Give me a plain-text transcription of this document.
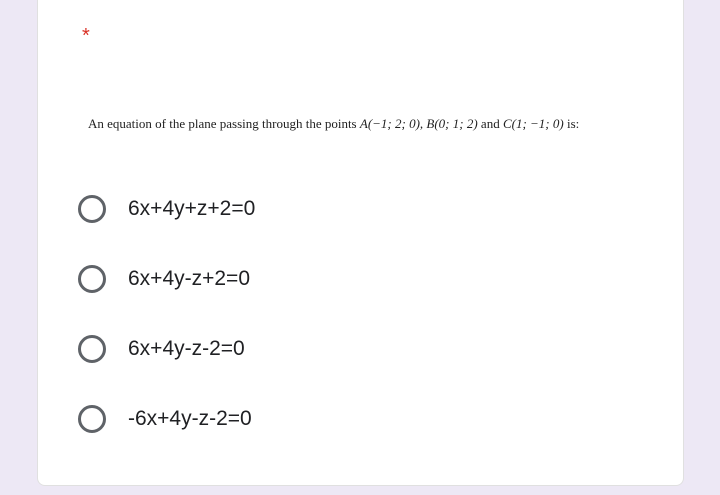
*
An equation of the plane passing through the points A(−1; 2; 0), B(0; 1; 2) and C(1; −1; 0) is:
6x+4y+z+2=0
6x+4y-z+2=0
6x+4y-z-2=0
-6x+4y-z-2=0
